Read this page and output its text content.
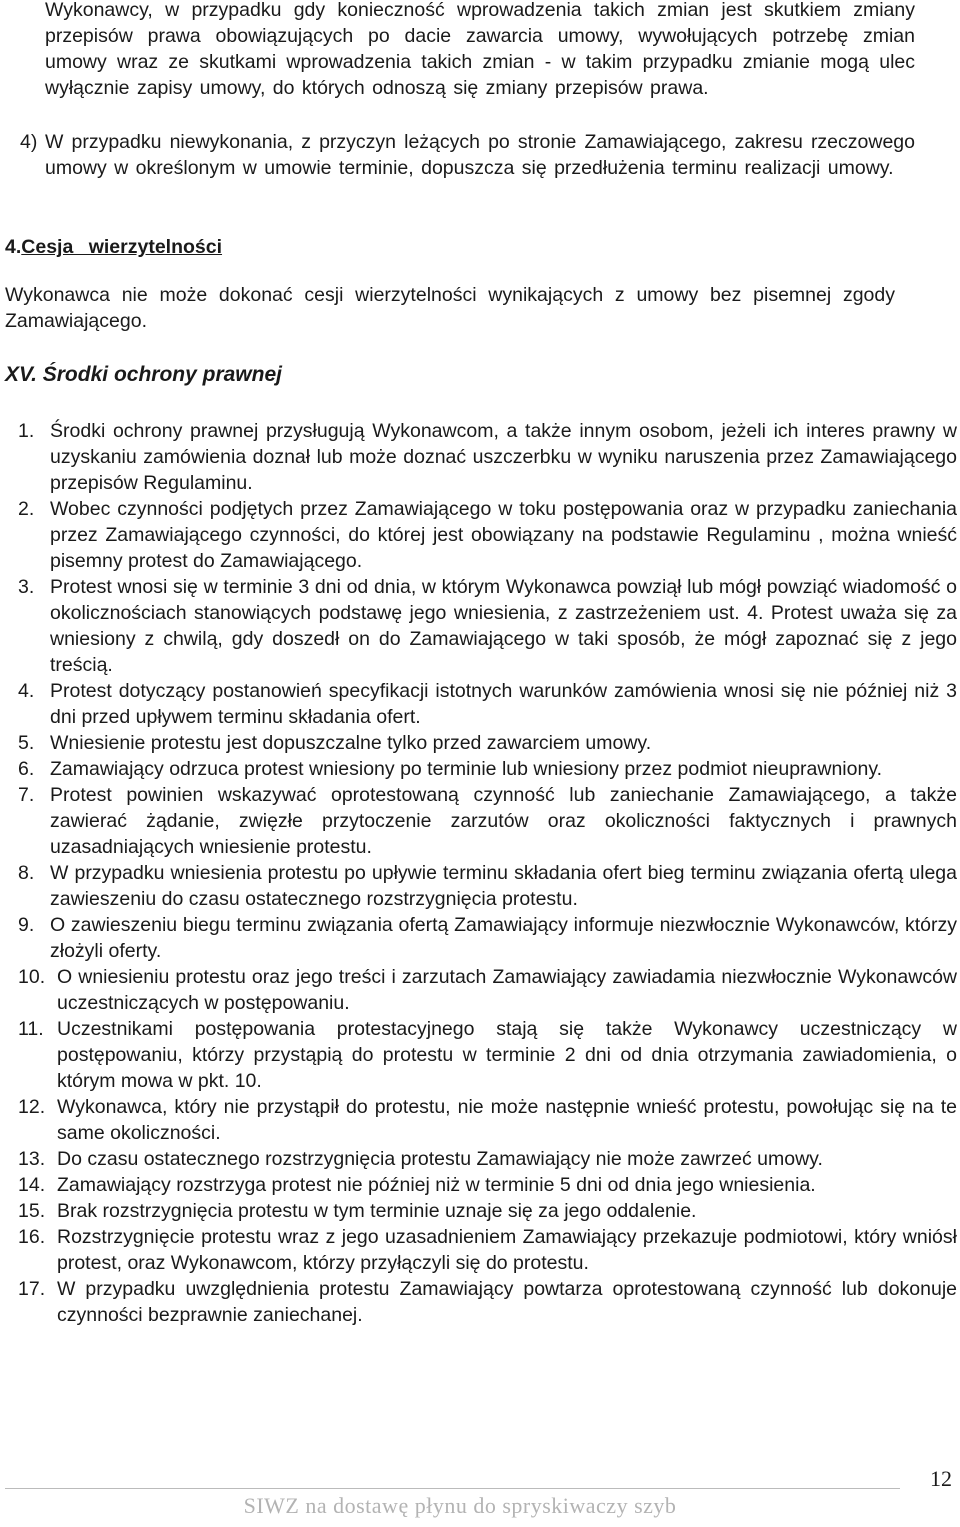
Wykonawcy, w przypadku gdy konieczność wprowadzenia takich zmian jest skutkiem zmiany przepisów prawa obowiązujących po dacie zawarcia umowy, wywołujących potrzebę zmian umowy wraz ze skutkami wprowadzenia takich zmian - w takim przypadku zmianie mogą ulec wyłącznie zapisy umowy, do których odnoszą się zmiany przepisów prawa.

4) W przypadku niewykonania, z przyczyn leżących po stronie Zamawiającego, zakresu rzeczowego umowy w określonym w umowie terminie, dopuszcza się przedłużenia terminu realizacji umowy.

4.Cesja wierzytelności

Wykonawca nie może dokonać cesji wierzytelności wynikających z umowy bez pisemnej zgody Zamawiającego.

XV. Środki ochrony prawnej
1. Środki ochrony prawnej przysługują Wykonawcom, a także innym osobom, jeżeli ich interes prawny w uzyskaniu zamówienia doznał lub może doznać uszczerbku w wyniku naruszenia przez Zamawiającego przepisów Regulaminu.
2. Wobec czynności podjętych przez Zamawiającego w toku postępowania oraz w przypadku zaniechania przez Zamawiającego czynności, do której jest obowiązany na podstawie Regulaminu , można wnieść pisemny protest do Zamawiającego.
3. Protest wnosi się w terminie 3 dni od dnia, w którym Wykonawca powziął lub mógł powziąć wiadomość o okolicznościach stanowiących podstawę jego wniesienia, z zastrzeżeniem ust. 4. Protest uważa się za wniesiony z chwilą, gdy doszedł on do Zamawiającego w taki sposób, że mógł zapoznać się z jego treścią.
4. Protest dotyczący postanowień specyfikacji istotnych warunków zamówienia wnosi się nie później niż 3 dni przed upływem terminu składania ofert.
5. Wniesienie protestu jest dopuszczalne tylko przed zawarciem umowy.
6. Zamawiający odrzuca protest wniesiony po terminie lub wniesiony przez podmiot nieuprawniony.
7. Protest powinien wskazywać oprotestowaną czynność lub zaniechanie Zamawiającego, a także zawierać żądanie, zwięzłe przytoczenie zarzutów oraz okoliczności faktycznych i prawnych uzasadniających wniesienie protestu.
8. W przypadku wniesienia protestu po upływie terminu składania ofert bieg terminu związania ofertą ulega zawieszeniu do czasu ostatecznego rozstrzygnięcia protestu.
9. O zawieszeniu biegu terminu związania ofertą Zamawiający informuje niezwłocznie Wykonawców, którzy złożyli oferty.
10. O wniesieniu protestu oraz jego treści i zarzutach Zamawiający zawiadamia niezwłocznie Wykonawców uczestniczących w postępowaniu.
11. Uczestnikami postępowania protestacyjnego stają się także Wykonawcy uczestniczący w postępowaniu, którzy przystąpią do protestu w terminie 2 dni od dnia otrzymania zawiadomienia, o którym mowa w pkt. 10.
12. Wykonawca, który nie przystąpił do protestu, nie może następnie wnieść protestu, powołując się na te same okoliczności.
13. Do czasu ostatecznego rozstrzygnięcia protestu Zamawiający nie może zawrzeć umowy.
14. Zamawiający rozstrzyga protest nie później niż w terminie 5 dni od dnia jego wniesienia.
15. Brak rozstrzygnięcia protestu w tym terminie uznaje się za jego oddalenie.
16. Rozstrzygnięcie protestu wraz z jego uzasadnieniem Zamawiający przekazuje podmiotowi, który wniósł protest, oraz Wykonawcom, którzy przyłączyli się do protestu.
17. W przypadku uwzględnienia protestu Zamawiający powtarza oprotestowaną czynność lub dokonuje czynności bezprawnie zaniechanej.
12
SIWZ na dostawę płynu do spryskiwaczy szyb
